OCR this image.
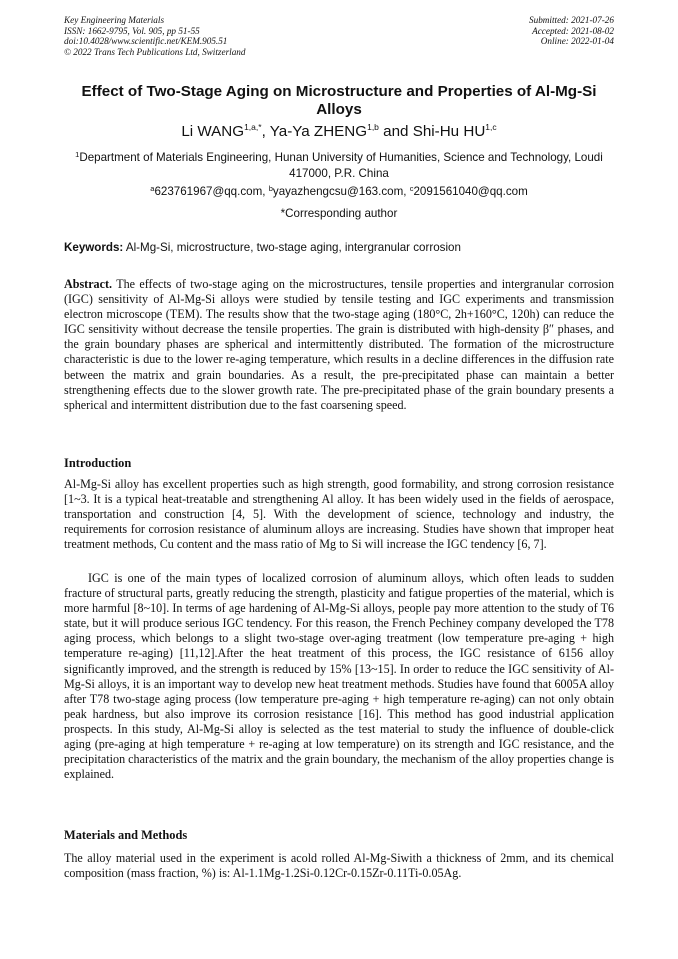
Key Engineering Materials
ISSN: 1662-9795, Vol. 905, pp 51-55
doi:10.4028/www.scientific.net/KEM.905.51
© 2022 Trans Tech Publications Ltd, Switzerland
Submitted: 2021-07-26
Accepted: 2021-08-02
Online: 2022-01-04
Effect of Two-Stage Aging on Microstructure and Properties of Al-Mg-Si Alloys
Li $WANG^{1,a,*}$, Ya-Ya ZHENG$^{1,b}$ and Shi-Hu HU$^{1,c}$
$^1$Department of Materials Engineering, Hunan University of Humanities, Science and Technology, Loudi 417000, P.R. China
$^a$623761967@qq.com, $^b$yayazhengcsu@163.com, $^c$2091561040@qq.com
*Corresponding author
Keywords: Al-Mg-Si, microstructure, two-stage aging, intergranular corrosion
Abstract. The effects of two-stage aging on the microstructures, tensile properties and intergranular corrosion (IGC) sensitivity of Al-Mg-Si alloys were studied by tensile testing and IGC experiments and transmission electron microscope (TEM). The results show that the two-stage aging (180°C, 2h+160°C, 120h) can reduce the IGC sensitivity without decrease the tensile properties. The grain is distributed with high-density β″ phases, and the grain boundary phases are spherical and intermittently distributed. The formation of the microstructure characteristic is due to the lower re-aging temperature, which results in a decline differences in the diffusion rate between the matrix and grain boundaries. As a result, the pre-precipitated phase can maintain a better strengthening effects due to the slower growth rate. The pre-precipitated phase of the grain boundary presents a spherical and intermittent distribution due to the fast coarsening speed.
Introduction
Al-Mg-Si alloy has excellent properties such as high strength, good formability, and strong corrosion resistance [1~3. It is a typical heat-treatable and strengthening Al alloy. It has been widely used in the fields of aerospace, transportation and construction [4, 5]. With the development of science, technology and industry, the requirements for corrosion resistance of aluminum alloys are increasing. Studies have shown that improper heat treatment methods, Cu content and the mass ratio of Mg to Si will increase the IGC tendency [6, 7].
IGC is one of the main types of localized corrosion of aluminum alloys, which often leads to sudden fracture of structural parts, greatly reducing the strength, plasticity and fatigue properties of the material, which is more harmful [8~10]. In terms of age hardening of Al-Mg-Si alloys, people pay more attention to the study of T6 state, but it will produce serious IGC tendency. For this reason, the French Pechiney company developed the T78 aging process, which belongs to a slight two-stage over-aging treatment (low temperature pre-aging + high temperature re-aging) [11,12].After the heat treatment of this process, the IGC resistance of 6156 alloy significantly improved, and the strength is reduced by 15% [13~15]. In order to reduce the IGC sensitivity of Al-Mg-Si alloys, it is an important way to develop new heat treatment methods. Studies have found that 6005A alloy after T78 two-stage aging process (low temperature pre-aging + high temperature re-aging) can not only obtain peak hardness, but also improve its corrosion resistance [16]. This method has good industrial application prospects. In this study, Al-Mg-Si alloy is selected as the test material to study the influence of double-click aging (pre-aging at high temperature + re-aging at low temperature) on its strength and IGC resistance, and the precipitation characteristics of the matrix and the grain boundary, the mechanism of the alloy properties change is explained.
Materials and Methods
The alloy material used in the experiment is acold rolled Al-Mg-Siwith a thickness of 2mm, and its chemical composition (mass fraction, %) is: Al-1.1Mg-1.2Si-0.12Cr-0.15Zr-0.11Ti-0.05Ag.
